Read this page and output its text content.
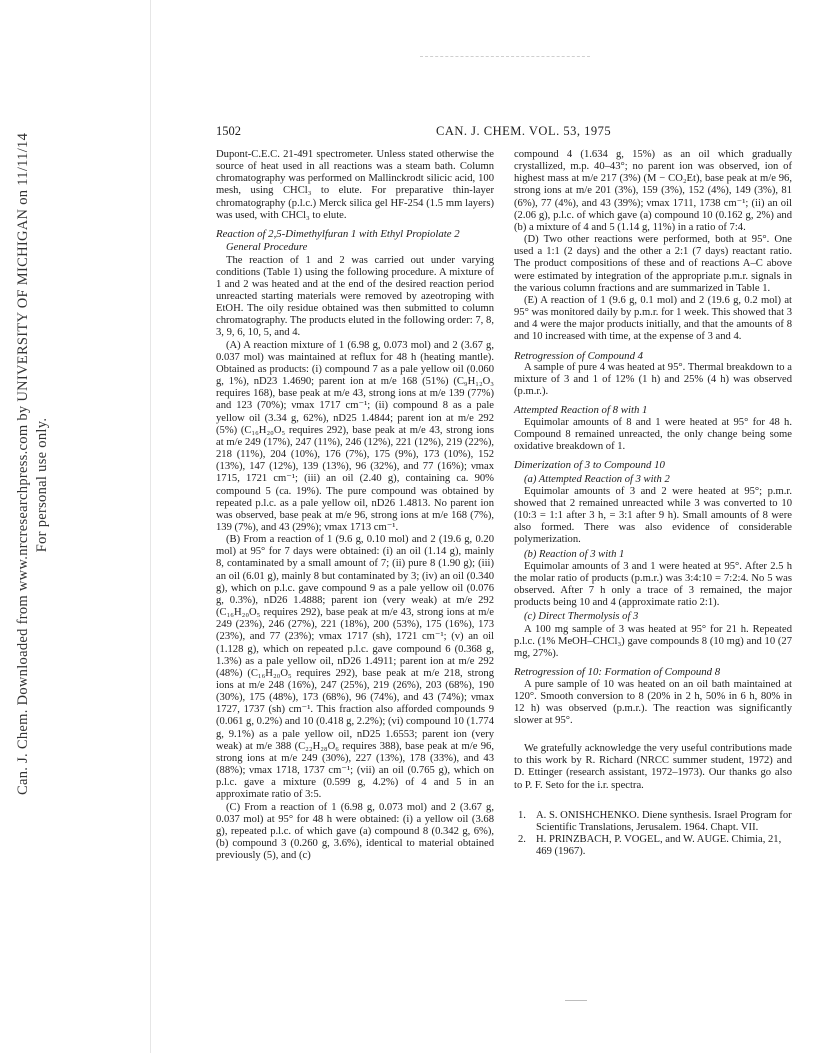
Can. J. Chem. Downloaded from www.nrcresearchpress.com by UNIVERSITY OF MICHIGAN on 11/11/14 For personal use only.
1502	CAN. J. CHEM. VOL. 53, 1975

Dupont-C.E.C. 21-491 spectrometer. Unless stated otherwise the source of heat used in all reactions was a steam bath. Column chromatography was performed on Mallinckrodt silicic acid, 100 mesh, using CHCl₃ to elute. For preparative thin-layer chromatography (p.l.c.) Merck silica gel HF-254 (1.5 mm layers) was used, with CHCl₃ to elute.

Reaction of 2,5-Dimethylfuran 1 with Ethyl Propiolate 2
General Procedure

The reaction of 1 and 2 was carried out under varying conditions (Table 1) using the following procedure. A mixture of 1 and 2 was heated and at the end of the desired reaction period unreacted starting materials were removed by azeotroping with EtOH. The oily residue obtained was then submitted to column chromatography. The products eluted in the following order: 7, 8, 3, 9, 6, 10, 5, and 4.

(A) A reaction mixture of 1 (6.98 g, 0.073 mol) and 2 (3.67 g, 0.037 mol) was maintained at reflux for 48 h (heating mantle). Obtained as products: (i) compound 7 as a pale yellow oil (0.060 g, 1%), nD23 1.4690; parent ion at m/e 168 (51%) (C₉H₁₂O₃ requires 168), base peak at m/e 43, strong ions at m/e 139 (77%) and 123 (70%); νmax 1717 cm⁻¹; (ii) compound 8 as a pale yellow oil (3.34 g, 62%), nD25 1.4844; parent ion at m/e 292 (5%) (C₁₆H₂₀O₅ requires 292), base peak at m/e 43, strong ions at m/e 249 (17%), 247 (11%), 246 (12%), 221 (12%), 219 (22%), 218 (11%), 204 (10%), 176 (7%), 175 (9%), 173 (10%), 152 (13%), 147 (12%), 139 (13%), 96 (32%), and 77 (16%); νmax 1715, 1721 cm⁻¹; (iii) an oil (2.40 g), containing ca. 90% compound 5 (ca. 19%). The pure compound was obtained by repeated p.l.c. as a pale yellow oil, nD26 1.4813. No parent ion was observed, base peak at m/e 96, strong ions at m/e 168 (7%), 139 (7%), and 43 (29%); νmax 1713 cm⁻¹.

(B) From a reaction of 1 (9.6 g, 0.10 mol) and 2 (19.6 g, 0.20 mol) at 95° for 7 days were obtained: (i) an oil (1.14 g), mainly 8, contaminated by a small amount of 7; (ii) pure 8 (1.90 g); (iii) an oil (6.01 g), mainly 8 but contaminated by 3; (iv) an oil (0.340 g), which on p.l.c. gave compound 9 as a pale yellow oil (0.076 g, 0.3%), nD26 1.4888; parent ion (very weak) at m/e 292 (C₁₆H₂₀O₅ requires 292), base peak at m/e 43, strong ions at m/e 249 (23%), 246 (27%), 221 (18%), 200 (53%), 175 (16%), 173 (23%), and 77 (23%); νmax 1717 (sh), 1721 cm⁻¹; (v) an oil (1.128 g), which on repeated p.l.c. gave compound 6 (0.368 g, 1.3%) as a pale yellow oil, nD26 1.4911; parent ion at m/e 292 (48%) (C₁₆H₂₀O₅ requires 292), base peak at m/e 218, strong ions at m/e 248 (16%), 247 (25%), 219 (26%), 203 (68%), 190 (30%), 175 (48%), 173 (68%), 96 (74%), and 43 (74%); νmax 1727, 1737 (sh) cm⁻¹. This fraction also afforded compounds 9 (0.061 g, 0.2%) and 10 (0.418 g, 2.2%); (vi) compound 10 (1.774 g, 9.1%) as a pale yellow oil, nD25 1.6553; parent ion (very weak) at m/e 388 (C₂₂H₂₈O₆ requires 388), base peak at m/e 96, strong ions at m/e 249 (30%), 227 (13%), 178 (33%), and 43 (88%); νmax 1718, 1737 cm⁻¹; (vii) an oil (0.765 g), which on p.l.c. gave a mixture (0.599 g, 4.2%) of 4 and 5 in an approximate ratio of 3:5.

(C) From a reaction of 1 (6.98 g, 0.073 mol) and 2 (3.67 g, 0.037 mol) at 95° for 48 h were obtained: (i) a yellow oil (3.68 g), repeated p.l.c. of which gave (a) compound 8 (0.342 g, 6%), (b) compound 3 (0.260 g, 3.6%), identical to material obtained previously (5), and (c)

compound 4 (1.634 g, 15%) as an oil which gradually crystallized, m.p. 40–43°; no parent ion was observed, ion of highest mass at m/e 217 (3%) (M − CO₂Et), base peak at m/e 96, strong ions at m/e 201 (3%), 159 (3%), 152 (4%), 149 (3%), 81 (6%), 77 (4%), and 43 (39%); νmax 1711, 1738 cm⁻¹; (ii) an oil (2.06 g), p.l.c. of which gave (a) compound 10 (0.162 g, 2%) and (b) a mixture of 4 and 5 (1.14 g, 11%) in a ratio of 7:4.

(D) Two other reactions were performed, both at 95°. One used a 1:1 (2 days) and the other a 2:1 (7 days) reactant ratio. The product compositions of these and of reactions A–C above were estimated by integration of the appropriate p.m.r. signals in the various column fractions and are summarized in Table 1.

(E) A reaction of 1 (9.6 g, 0.1 mol) and 2 (19.6 g, 0.2 mol) at 95° was monitored daily by p.m.r. for 1 week. This showed that 3 and 4 were the major products initially, and that the amounts of 8 and 10 increased with time, at the expense of 3 and 4.

Retrogression of Compound 4

A sample of pure 4 was heated at 95°. Thermal breakdown to a mixture of 3 and 1 of 12% (1 h) and 25% (4 h) was observed (p.m.r.).

Attempted Reaction of 8 with 1

Equimolar amounts of 8 and 1 were heated at 95° for 48 h. Compound 8 remained unreacted, the only change being some oxidative breakdown of 1.

Dimerization of 3 to Compound 10
(a) Attempted Reaction of 3 with 2

Equimolar amounts of 3 and 2 were heated at 95°; p.m.r. showed that 2 remained unreacted while 3 was converted to 10 (10:3 = 1:1 after 3 h, = 3:1 after 9 h). Small amounts of 8 were also formed. There was also evidence of considerable polymerization.

(b) Reaction of 3 with 1

Equimolar amounts of 3 and 1 were heated at 95°. After 2.5 h the molar ratio of products (p.m.r.) was 3:4:10 = 7:2:4. No 5 was observed. After 7 h only a trace of 3 remained, the major products being 10 and 4 (approximate ratio 2:1).

(c) Direct Thermolysis of 3

A 100 mg sample of 3 was heated at 95° for 21 h. Repeated p.l.c. (1% MeOH–CHCl₃) gave compounds 8 (10 mg) and 10 (27 mg, 27%).

Retrogression of 10: Formation of Compound 8

A pure sample of 10 was heated on an oil bath maintained at 120°. Smooth conversion to 8 (20% in 2 h, 50% in 6 h, 80% in 12 h) was observed (p.m.r.). The reaction was significantly slower at 95°.

We gratefully acknowledge the very useful contributions made to this work by R. Richard (NRCC summer student, 1972) and D. Ettinger (research assistant, 1972–1973). Our thanks go also to P. F. Seto for the i.r. spectra.

1. A. S. ONISHCHENKO. Diene synthesis. Israel Program for Scientific Translations, Jerusalem. 1964. Chapt. VII.

2. H. PRINZBACH, P. VOGEL, and W. AUGE. Chimia, 21, 469 (1967).
